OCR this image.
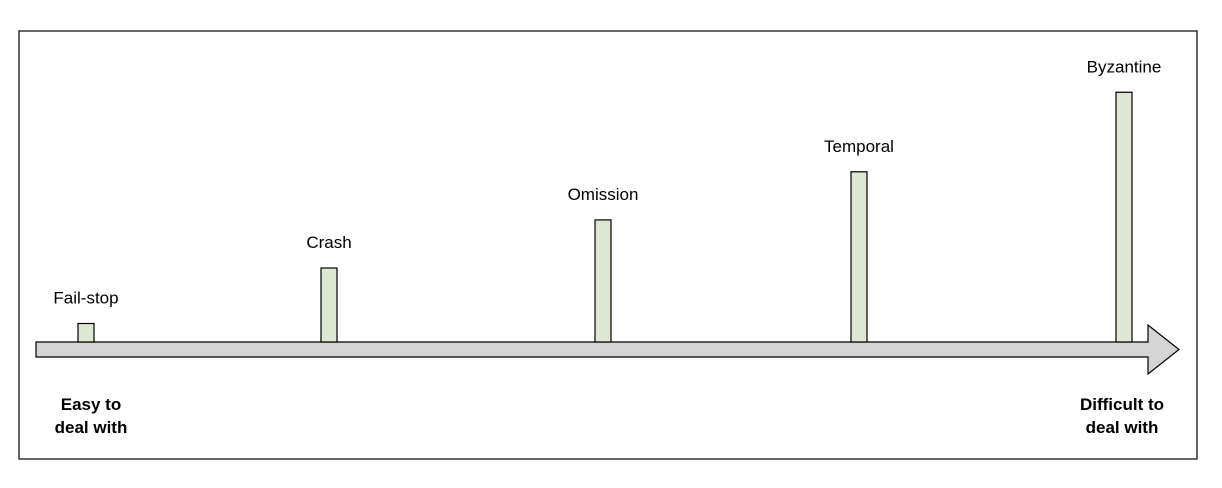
Fail-stop
Crash
Omission
Temporal
Byzantine
Easy to
deal with
Difficult to
deal with
